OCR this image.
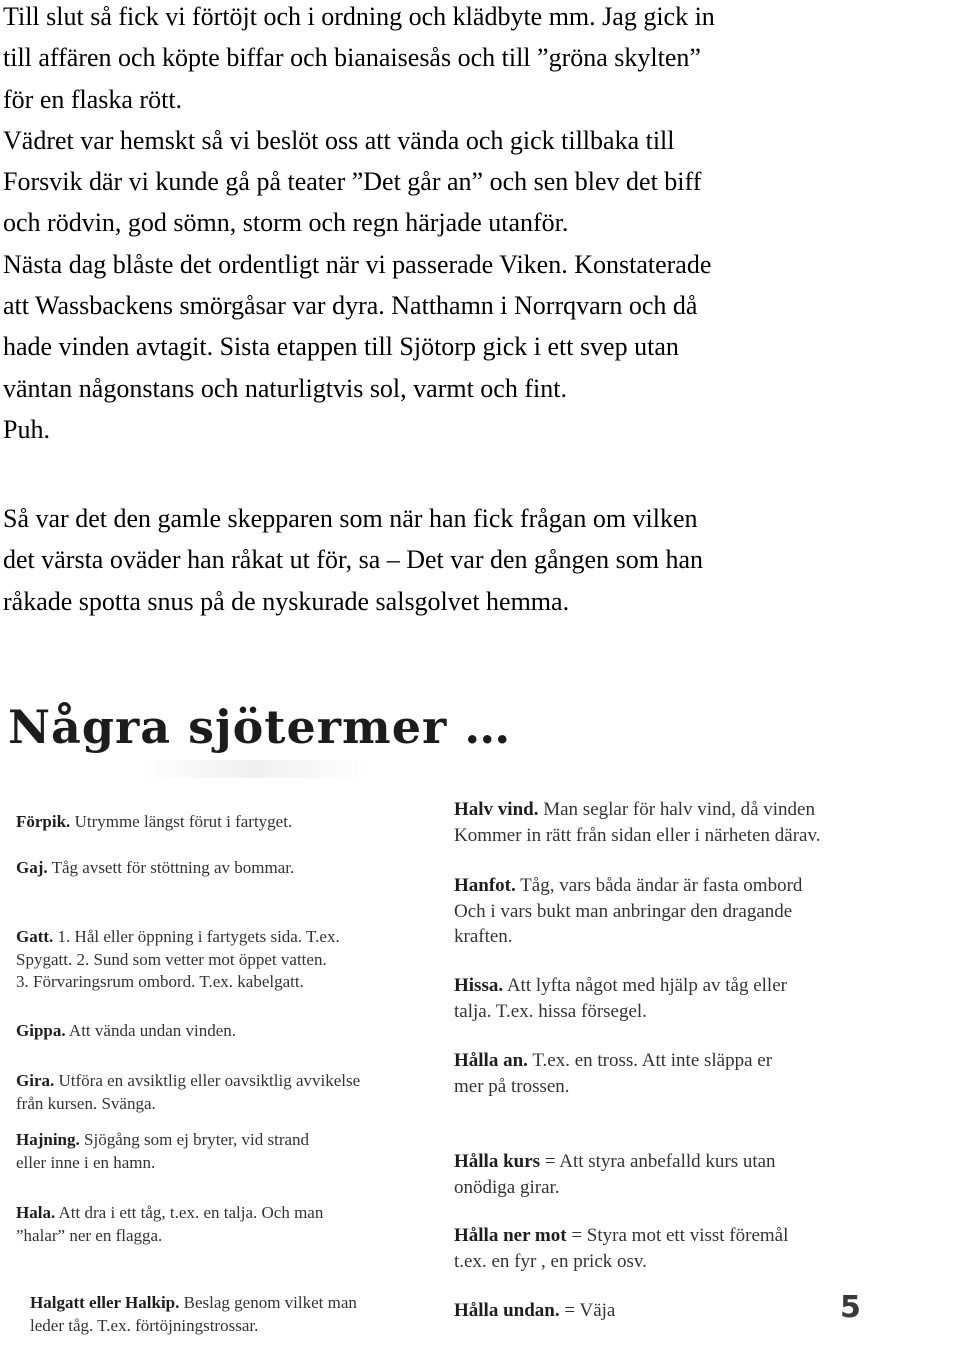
Till slut så fick vi förtöjt och i ordning och klädbyte mm. Jag gick in
till affären och köpte biffar och bianaisesås och till ”gröna skylten”
för en flaska rött.
Vädret var hemskt så vi beslöt oss att vända och gick tillbaka till
Forsvik där vi kunde gå på teater ”Det går an” och sen blev det biff
och rödvin, god sömn, storm och regn härjade utanför.
Nästa dag blåste det ordentligt när vi passerade Viken. Konstaterade
att Wassbackens smörgåsar var dyra. Natthamn i Norrqvarn och då
hade vinden avtagit. Sista etappen till Sjötorp gick i ett svep utan
väntan någonstans och naturligtvis sol, varmt och fint.
Puh.
Så var det den gamle skepparen som när han fick frågan om vilken
det värsta oväder han råkat ut för, sa – Det var den gången som han
råkade spotta snus på de nyskurade salsgolvet hemma.
Några sjötermer …
Förpik. Utrymme längst förut i fartyget.
Gaj. Tåg avsett för stöttning av bommar.
Gatt. 1. Hål eller öppning i fartygets sida. T.ex.
Spygatt. 2. Sund som vetter mot öppet vatten.
3. Förvaringsrum ombord. T.ex. kabelgatt.
Gippa. Att vända undan vinden.
Gira. Utföra en avsiktlig eller oavsiktlig avvikelse
från kursen. Svänga.
Hajning. Sjögång som ej bryter, vid strand
eller inne i en hamn.
Hala. Att dra i ett tåg, t.ex. en talja. Och man
”halar” ner en flagga.
Halgatt eller Halkip. Beslag genom vilket man
leder tåg. T.ex. förtöjningstrossar.
Halv vind. Man seglar för halv vind, då vinden
Kommer in rätt från sidan eller i närheten därav.
Hanfot. Tåg, vars båda ändar är fasta ombord
Och i vars bukt man anbringar den dragande
kraften.
Hissa. Att lyfta något med hjälp av tåg eller
talja. T.ex. hissa försegel.
Hålla an. T.ex. en tross. Att inte släppa er
mer på trossen.
Hålla kurs = Att styra anbefalld kurs utan
onödiga girar.
Hålla ner mot = Styra mot ett visst föremål
t.ex. en fyr , en prick osv.
Hålla undan. = Väja	5
